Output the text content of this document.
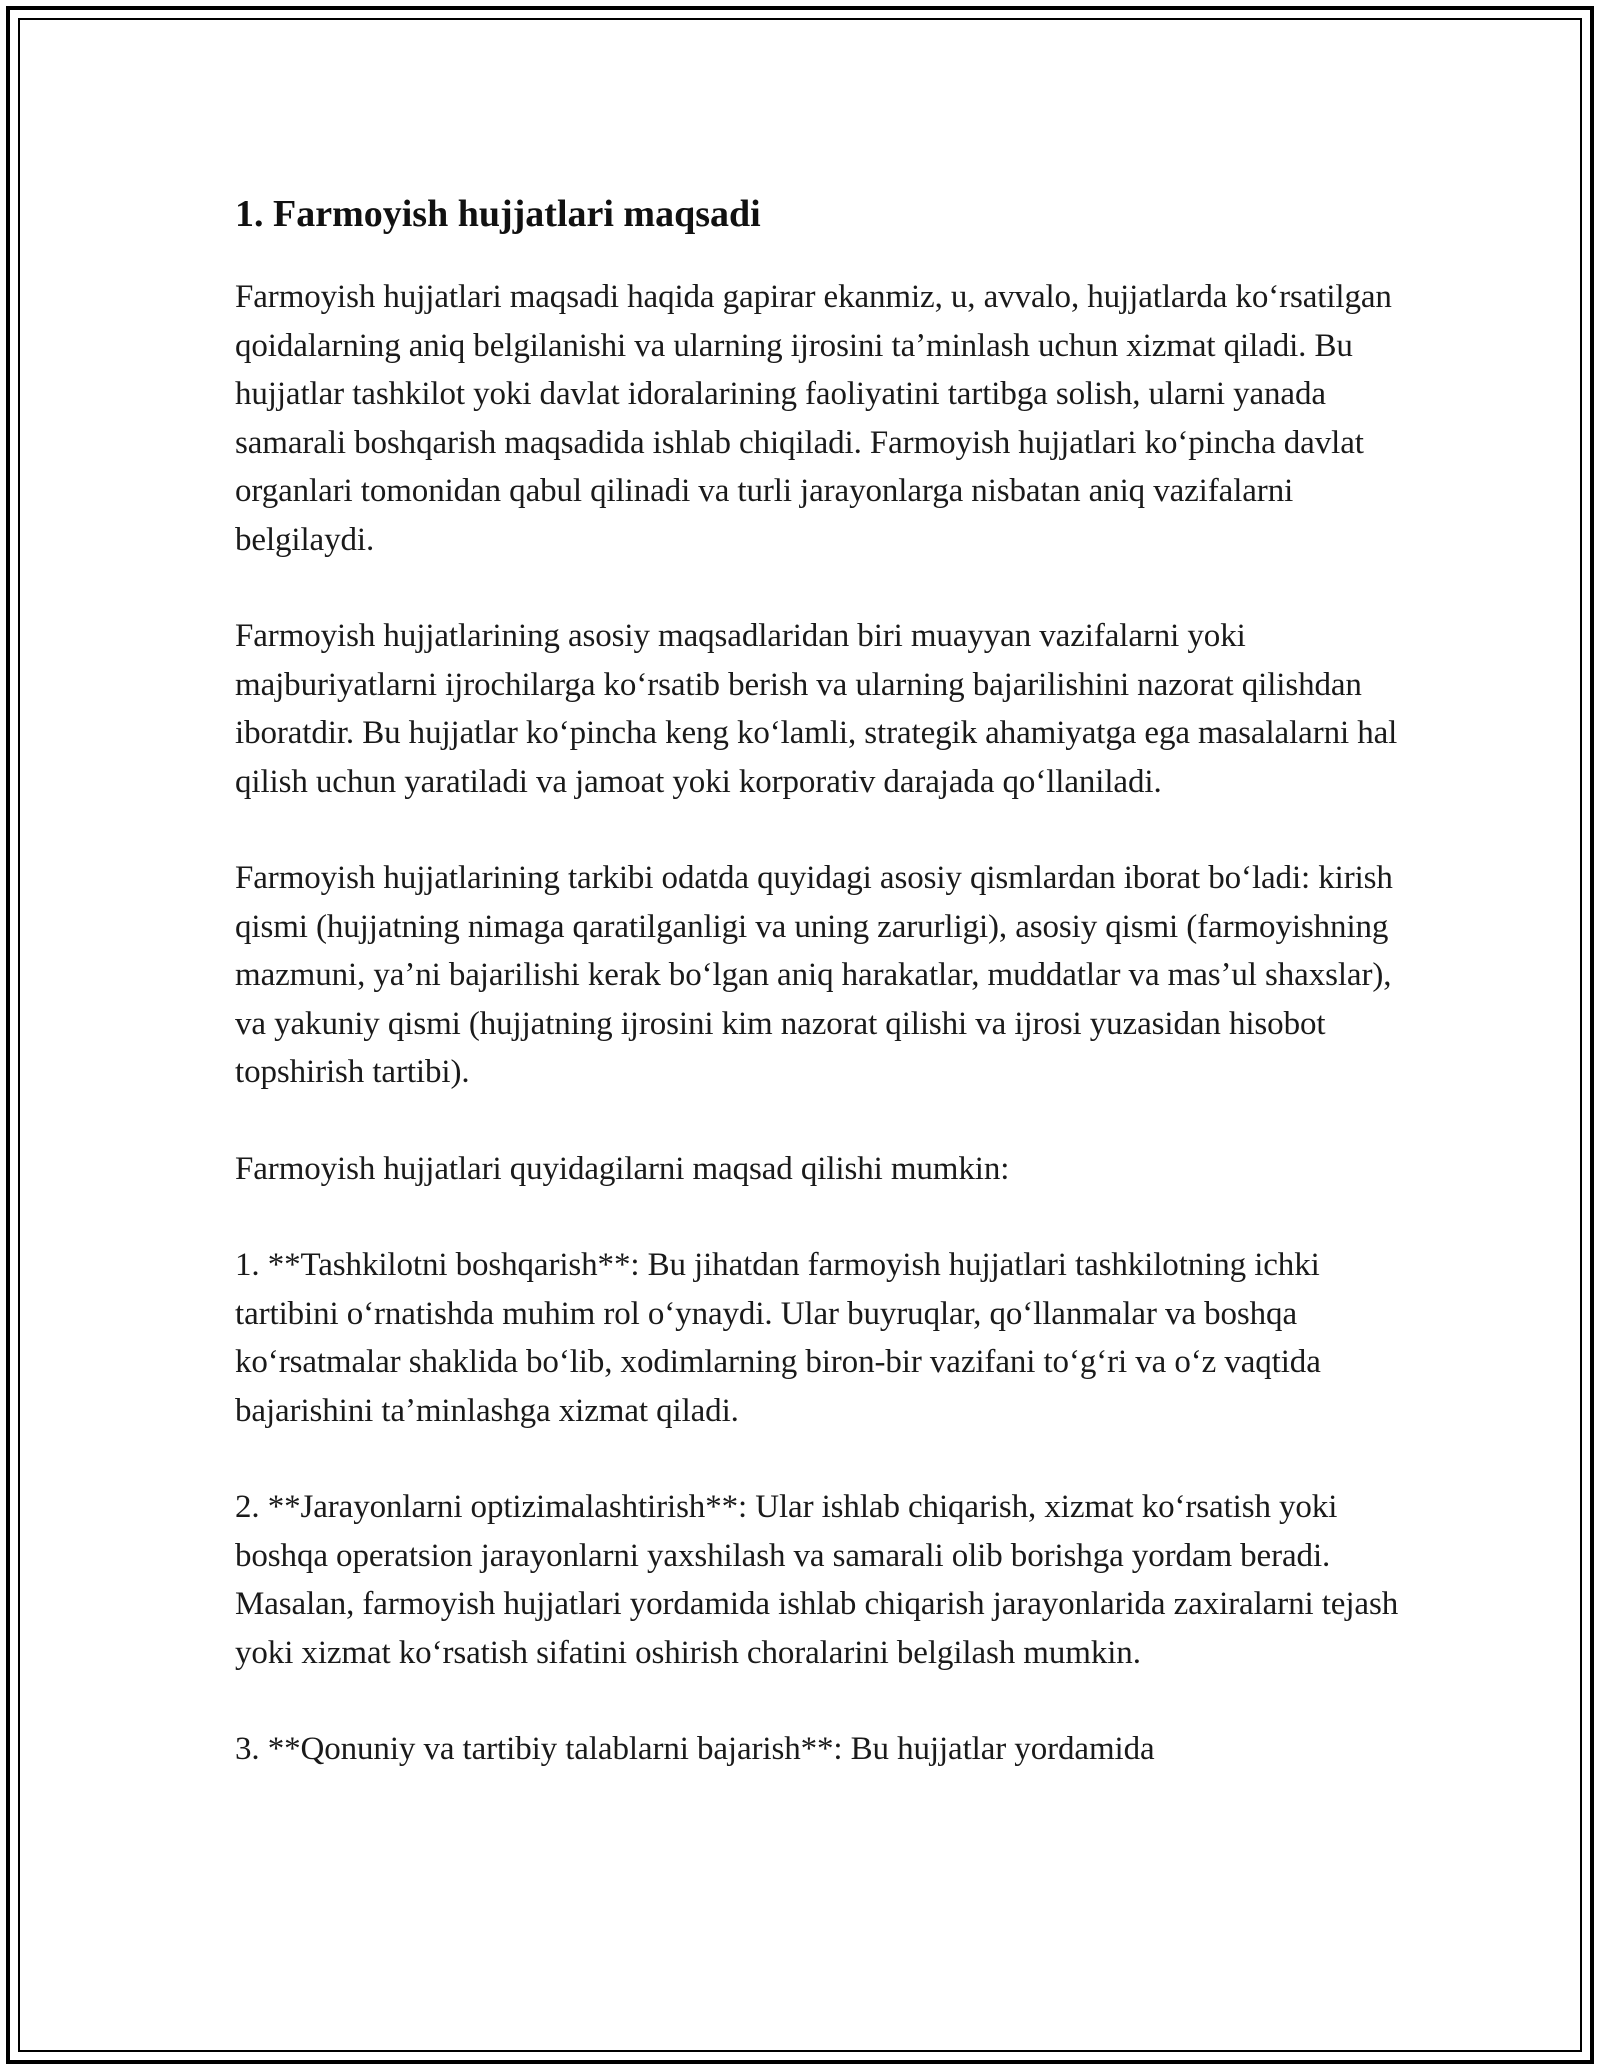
1. Farmoyish hujjatlari maqsadi

Farmoyish hujjatlari maqsadi haqida gapirar ekanmiz, u, avvalo, hujjatlarda koʻrsatilgan qoidalarning aniq belgilanishi va ularning ijrosini taʼminlash uchun xizmat qiladi. Bu hujjatlar tashkilot yoki davlat idoralarining faoliyatini tartibga solish, ularni yanada samarali boshqarish maqsadida ishlab chiqiladi. Farmoyish hujjatlari koʻpincha davlat organlari tomonidan qabul qilinadi va turli jarayonlarga nisbatan aniq vazifalarni belgilaydi.

Farmoyish hujjatlarining asosiy maqsadlaridan biri muayyan vazifalarni yoki majburiyatlarni ijrochilarga koʻrsatib berish va ularning bajarilishini nazorat qilishdan iboratdir. Bu hujjatlar koʻpincha keng koʻlamli, strategik ahamiyatga ega masalalarni hal qilish uchun yaratiladi va jamoat yoki korporativ darajada qoʻllaniladi.

Farmoyish hujjatlarining tarkibi odatda quyidagi asosiy qismlardan iborat boʻladi: kirish qismi (hujjatning nimaga qaratilganligi va uning zarurligi), asosiy qismi (farmoyishning mazmuni, yaʼni bajarilishi kerak boʻlgan aniq harakatlar, muddatlar va masʼul shaxslar), va yakuniy qismi (hujjatning ijrosini kim nazorat qilishi va ijrosi yuzasidan hisobot topshirish tartibi).

Farmoyish hujjatlari quyidagilarni maqsad qilishi mumkin:

1. **Tashkilotni boshqarish**: Bu jihatdan farmoyish hujjatlari tashkilotning ichki tartibini oʻrnatishda muhim rol oʻynaydi. Ular buyruqlar, qoʻllanmalar va boshqa koʻrsatmalar shaklida boʻlib, xodimlarning biron-bir vazifani toʻgʻri va oʻz vaqtida bajarishini taʼminlashga xizmat qiladi.

2. **Jarayonlarni optizimalashtirish**: Ular ishlab chiqarish, xizmat koʻrsatish yoki boshqa operatsion jarayonlarni yaxshilash va samarali olib borishga yordam beradi. Masalan, farmoyish hujjatlari yordamida ishlab chiqarish jarayonlarida zaxiralarni tejash yoki xizmat koʻrsatish sifatini oshirish choralarini belgilash mumkin.

3. **Qonuniy va tartibiy talablarni bajarish**: Bu hujjatlar yordamida
